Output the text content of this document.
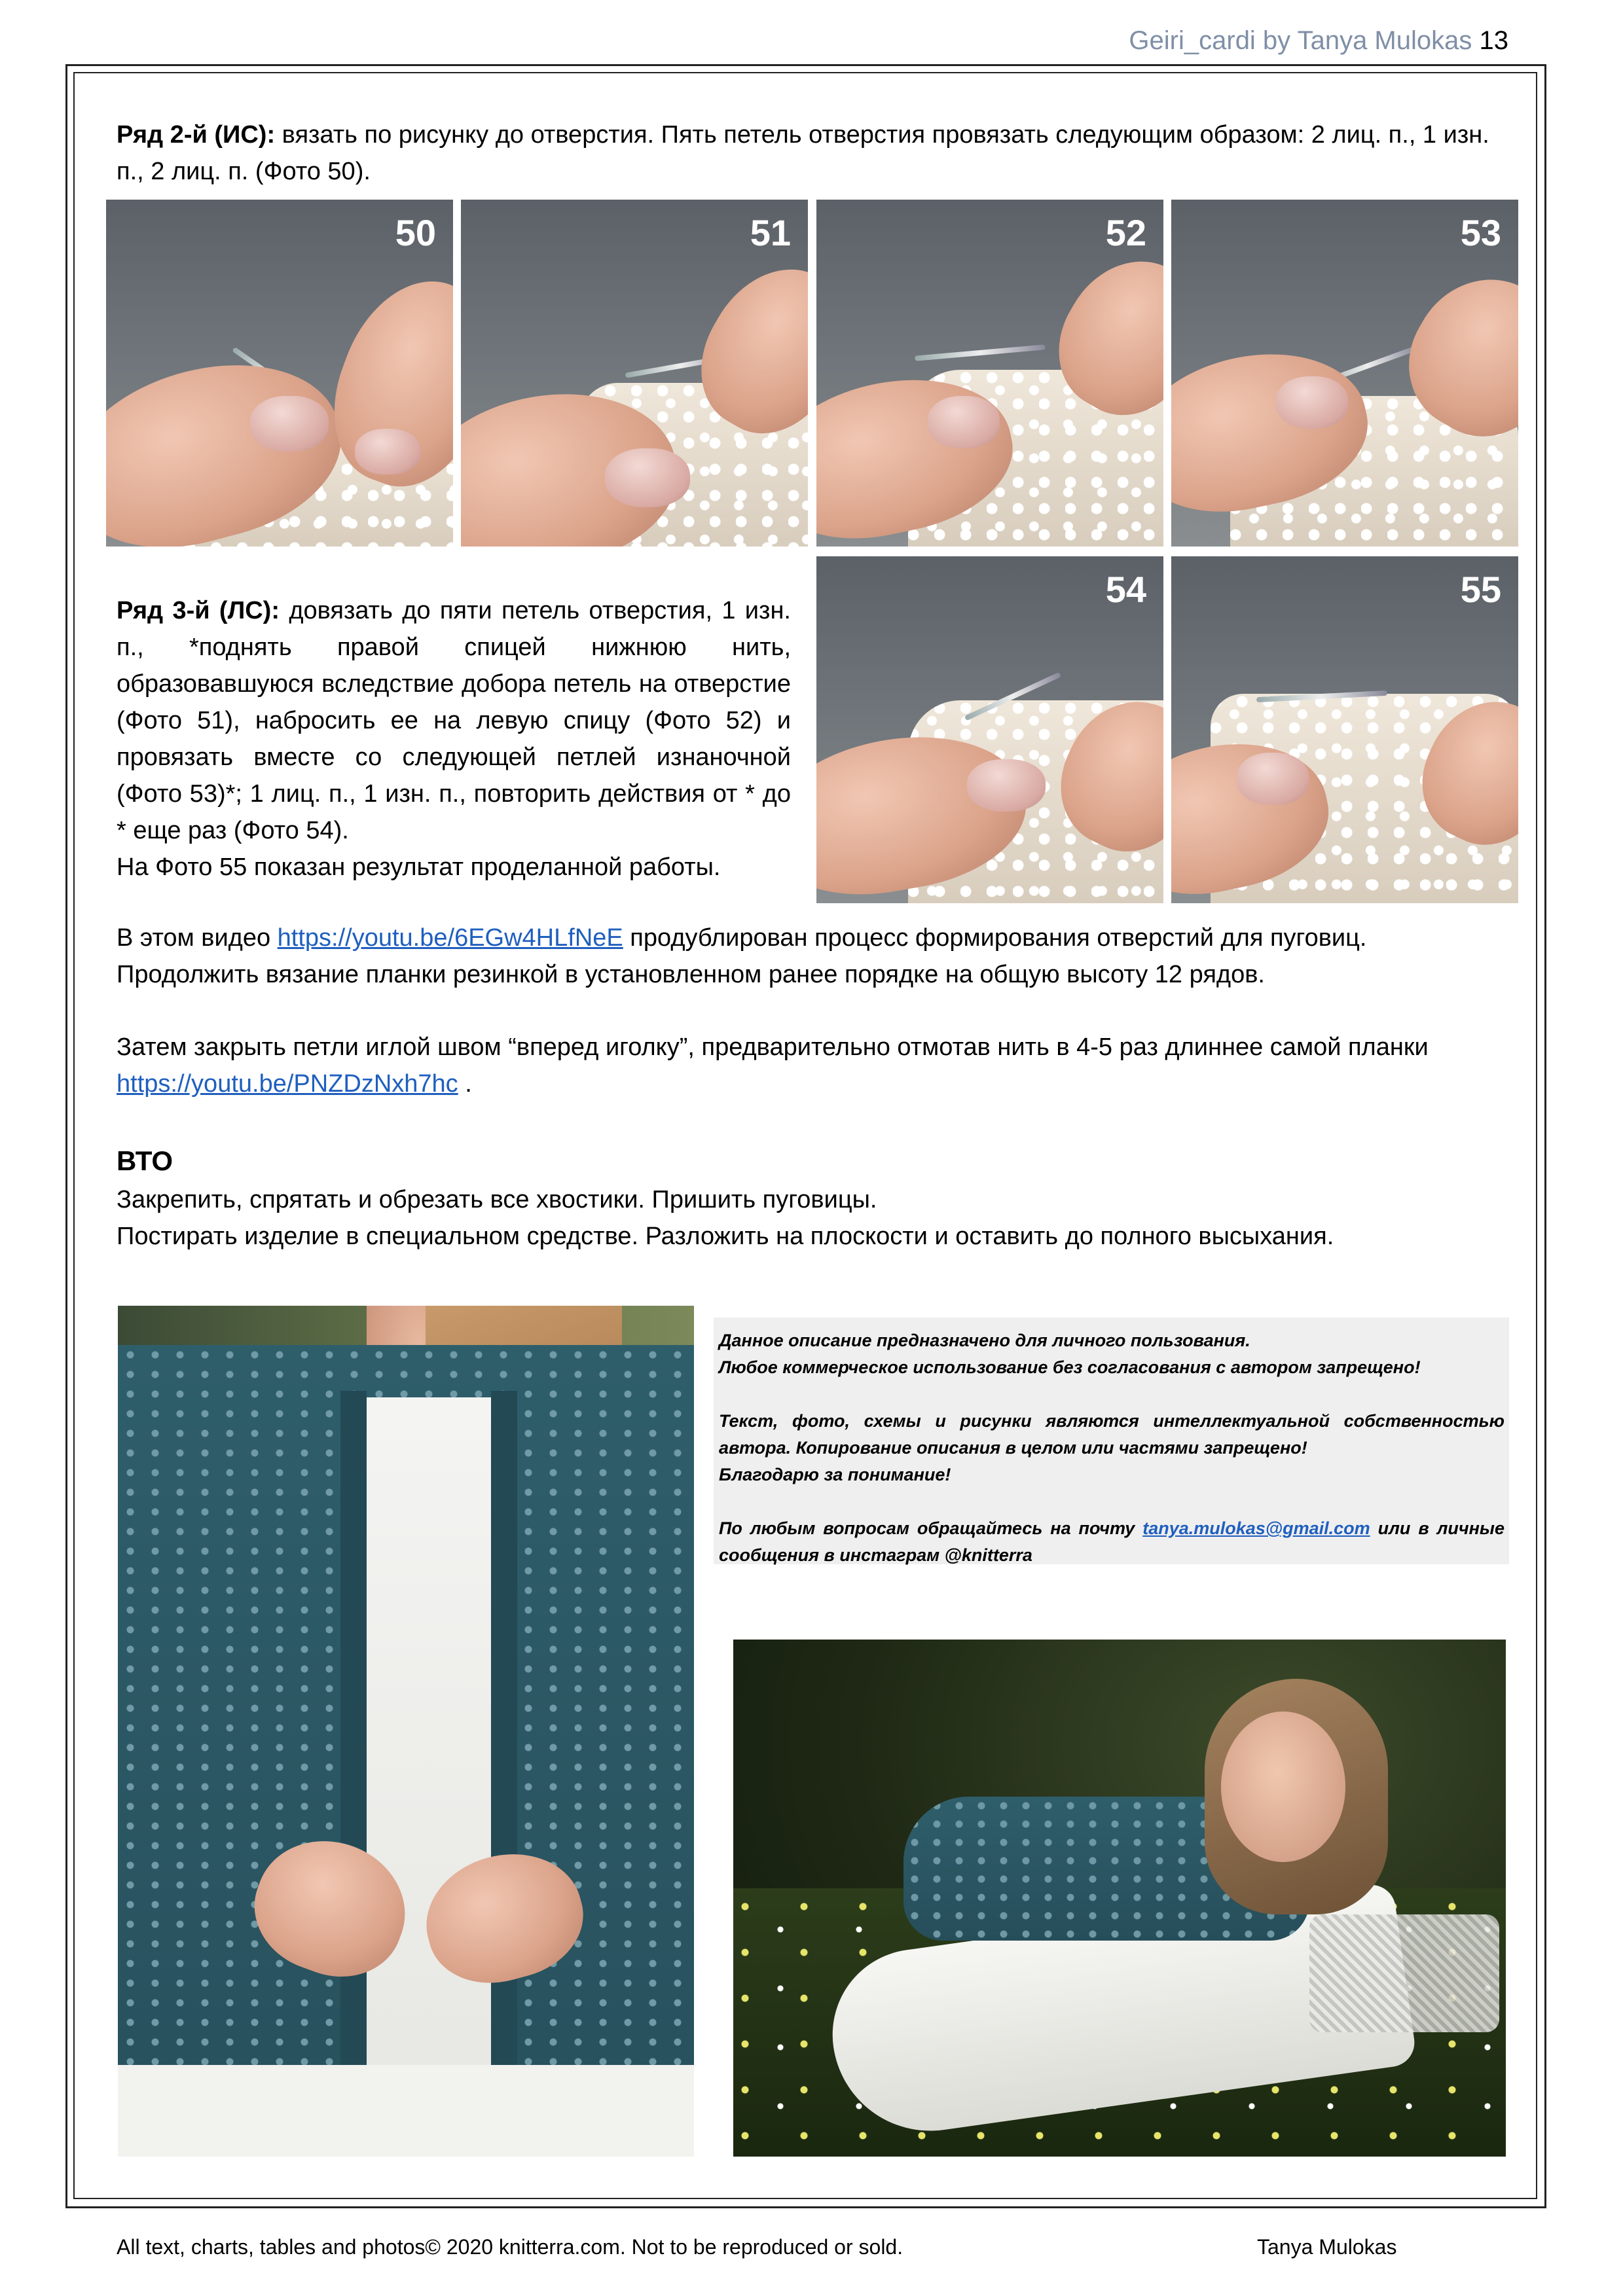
Geiri_cardi by Tanya Mulokas 13
Ряд 2-й (ИС): вязать по рисунку до отверстия. Пять петель отверстия провязать следующим образом: 2 лиц. п., 1 изн. п., 2 лиц. п. (Фото 50).
50	51	52	53
Ряд 3-й (ЛС): довязать до пяти петель отверстия, 1 изн. п., *поднять правой спицей нижнюю нить, образовавшуюся вследствие добора петель на отверстие (Фото 51), набросить ее на левую спицу (Фото 52) и провязать вместе со следующей петлей изнаночной (Фото 53)*; 1 лиц. п., 1 изн. п., повторить действия от * до * еще раз (Фото 54).
На Фото 55 показан результат проделанной работы.
54	55
В этом видео https://youtu.be/6EGw4HLfNeE продублирован процесс формирования отверстий для пуговиц.
Продолжить вязание планки резинкой в установленном ранее порядке на общую высоту 12 рядов.
Затем закрыть петли иглой швом “вперед иголку”, предварительно отмотав нить в 4-5 раз длиннее самой планки https://youtu.be/PNZDzNxh7hc .
ВТО
Закрепить, спрятать и обрезать все хвостики. Пришить пуговицы.
Постирать изделие в специальном средстве. Разложить на плоскости и оставить до полного высыхания.
Данное описание предназначено для личного пользования.
Любое коммерческое использование без согласования с автором запрещено!
Текст, фото, схемы и рисунки являются интеллектуальной собственностью автора. Копирование описания в целом или частями запрещено!
Благодарю за понимание!
По любым вопросам обращайтесь на почту tanya.mulokas@gmail.com или в личные сообщения в инстаграм @knitterra
All text, charts, tables and photos© 2020 knitterra.com. Not to be reproduced or sold.	Tanya Mulokas
